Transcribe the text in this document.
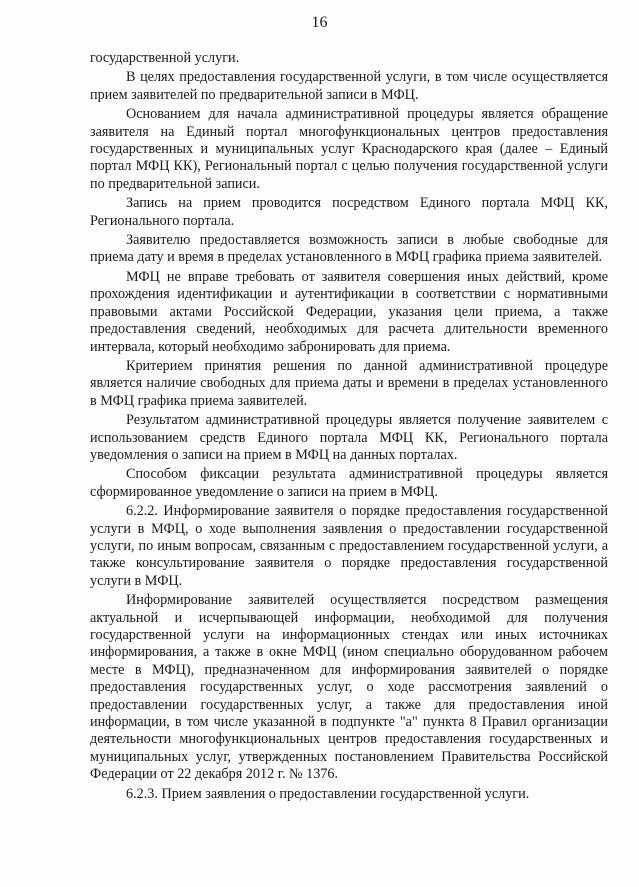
16

государственной услуги.

В целях предоставления государственной услуги, в том числе осуществляется прием заявителей по предварительной записи в МФЦ.

Основанием для начала административной процедуры является обращение заявителя на Единый портал многофункциональных центров предоставления государственных и муниципальных услуг Краснодарского края (далее – Единый портал МФЦ КК), Региональный портал с целью получения государственной услуги по предварительной записи.

Запись на прием проводится посредством Единого портала МФЦ КК, Регионального портала.

Заявителю предоставляется возможность записи в любые свободные для приема дату и время в пределах установленного в МФЦ графика приема заявителей.

МФЦ не вправе требовать от заявителя совершения иных действий, кроме прохождения идентификации и аутентификации в соответствии с нормативными правовыми актами Российской Федерации, указания цели приема, а также предоставления сведений, необходимых для расчета длительности временного интервала, который необходимо забронировать для приема.

Критерием принятия решения по данной административной процедуре является наличие свободных для приема даты и времени в пределах установленного в МФЦ графика приема заявителей.

Результатом административной процедуры является получение заявителем с использованием средств Единого портала МФЦ КК, Регионального портала уведомления о записи на прием в МФЦ на данных порталах.

Способом фиксации результата административной процедуры является сформированное уведомление о записи на прием в МФЦ.

6.2.2. Информирование заявителя о порядке предоставления государственной услуги в МФЦ, о ходе выполнения заявления о предоставлении государственной услуги, по иным вопросам, связанным с предоставлением государственной услуги, а также консультирование заявителя о порядке предоставления государственной услуги в МФЦ.

Информирование заявителей осуществляется посредством размещения актуальной и исчерпывающей информации, необходимой для получения государственной услуги на информационных стендах или иных источниках информирования, а также в окне МФЦ (ином специально оборудованном рабочем месте в МФЦ), предназначенном для информирования заявителей о порядке предоставления государственных услуг, о ходе рассмотрения заявлений о предоставлении государственных услуг, а также для предоставления иной информации, в том числе указанной в подпункте "а" пункта 8 Правил организации деятельности многофункциональных центров предоставления государственных и муниципальных услуг, утвержденных постановлением Правительства Российской Федерации от 22 декабря 2012 г. № 1376.

6.2.3. Прием заявления о предоставлении государственной услуги.
